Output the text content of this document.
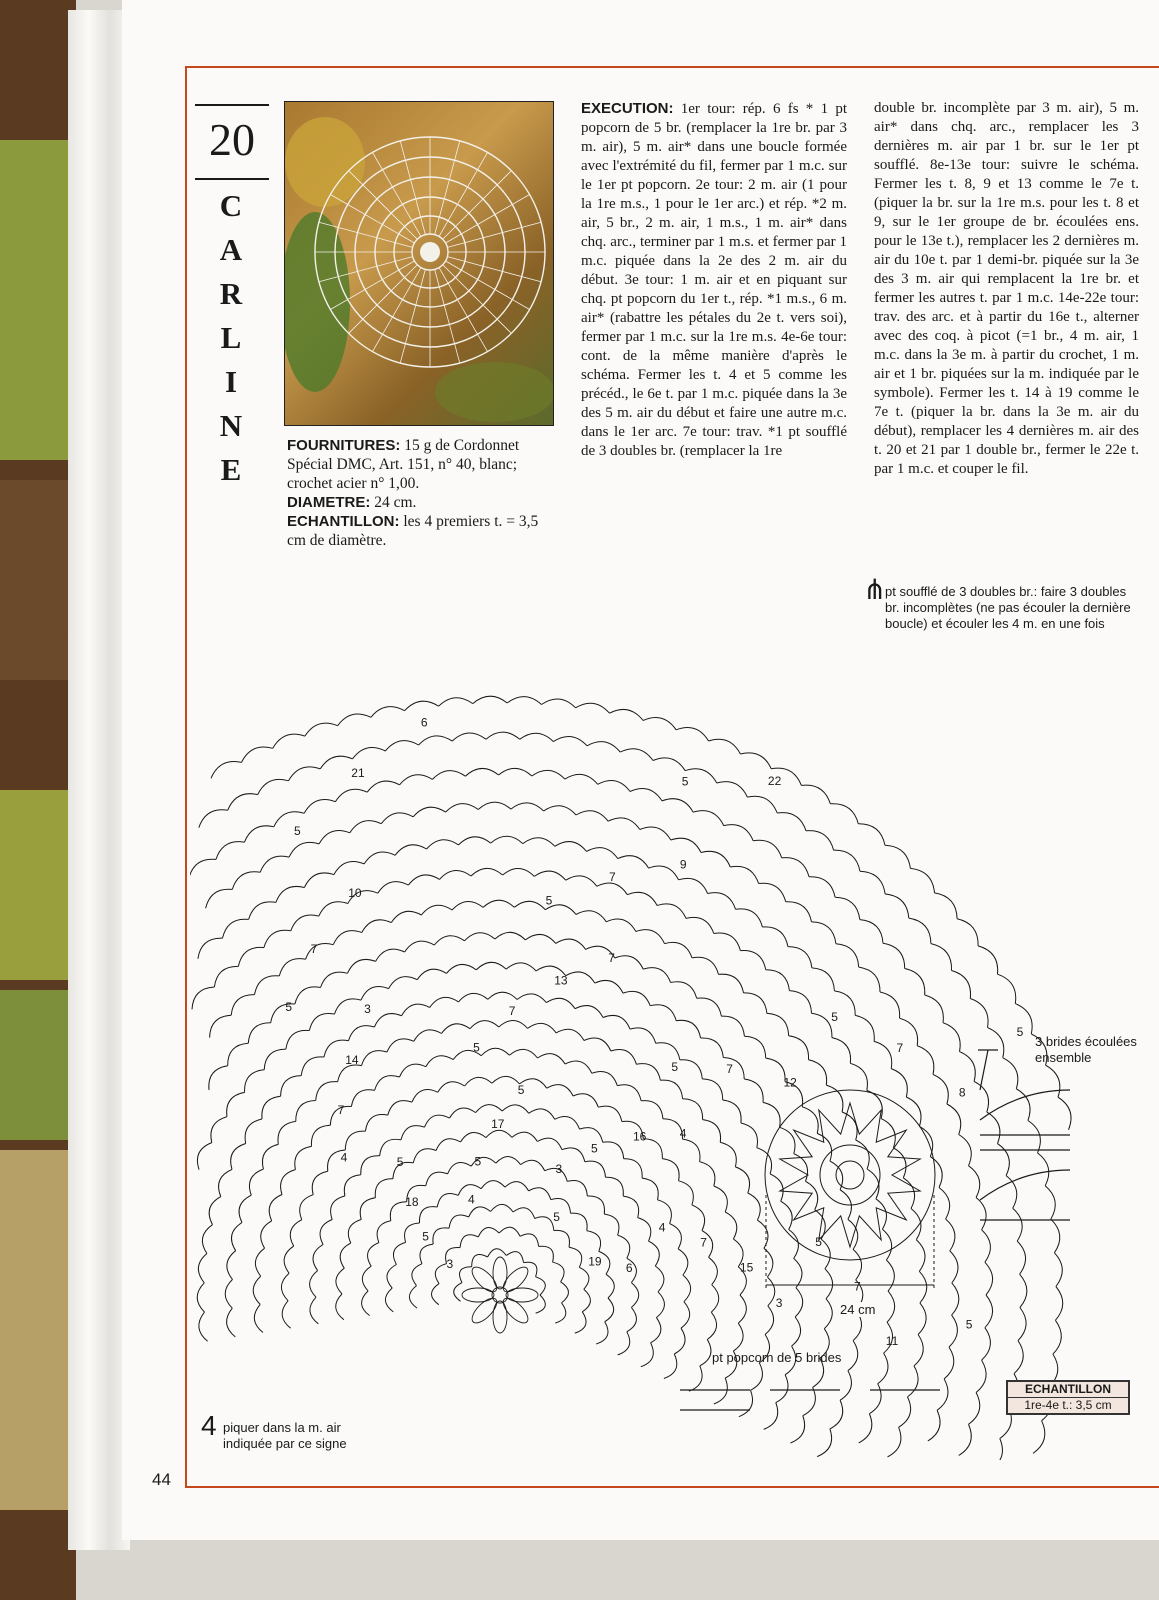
20
C
A
R
L
I
N
E

FOURNITURES: 15 g de Cordonnet Spécial DMC, Art. 151, n° 40, blanc; crochet acier n° 1,00.

DIAMETRE: 24 cm.

ECHANTILLON: les 4 premiers t. = 3,5 cm de diamètre.

EXECUTION: 1er tour: rép. 6 fs * 1 pt popcorn de 5 br. (remplacer la 1re br. par 3 m. air), 5 m. air* dans une boucle formée avec l'extrémité du fil, fermer par 1 m.c. sur le 1er pt popcorn. 2e tour: 2 m. air (1 pour la 1re m.s., 1 pour le 1er arc.) et rép. *2 m. air, 5 br., 2 m. air, 1 m.s., 1 m. air* dans chq. arc., terminer par 1 m.s. et fermer par 1 m.c. piquée dans la 2e des 2 m. air du début. 3e tour: 1 m. air et en piquant sur chq. pt popcorn du 1er t., rép. *1 m.s., 6 m. air* (rabattre les pétales du 2e t. vers soi), fermer par 1 m.c. sur la 1re m.s. 4e-6e tour: cont. de la même manière d'après le schéma. Fermer les t. 4 et 5 comme les précéd., le 6e t. par 1 m.c. piquée dans la 3e des 5 m. air du début et faire une autre m.c. dans le 1er arc. 7e tour: trav. *1 pt soufflé de 3 doubles br. (remplacer la 1re
double br. incomplète par 3 m. air), 5 m. air* dans chq. arc., remplacer les 3 dernières m. air par 1 br. sur le 1er pt soufflé. 8e-13e tour: suivre le schéma. Fermer les t. 8, 9 et 13 comme le 7e t. (piquer la br. sur la 1re m.s. pour les t. 8 et 9, sur le 1er groupe de br. écoulées ens. pour le 13e t.), remplacer les 2 dernières m. air du 10e t. par 1 demi-br. piquée sur la 3e des 3 m. air qui remplacent la 1re br. et fermer les autres t. par 1 m.c. 14e-22e tour: trav. des arc. et à partir du 16e t., alterner avec des coq. à picot (=1 br., 4 m. air, 1 m.c. dans la 3e m. à partir du crochet, 1 m. air et 1 br. piquées sur la m. indiquée par le symbole). Fermer les t. 14 à 19 comme le 7e t. (piquer la br. dans la 3e m. air du début), remplacer les 4 dernières m. air des t. 20 et 21 par 1 double br., fermer le 22e t. par 1 m.c. et couper le fil.
3
4
3
4
4
5
5
5
5
5
5
5
5
5
5
5
5
5
7
7
7
7
7
7
7
7
21
22
19
18
17
16
15
14
13
12
11
10
9
8
6
5
6
5
5
4
3
3
7
⋔
pt soufflé de 3 doubles br.: faire 3 doubles br. incomplètes (ne pas écouler la dernière boucle) et écouler les 4 m. en une fois
3 brides écoulées ensemble
pt popcorn de 5 brides
4 piquer dans la m. air indiquée par ce signe
24 cm
ECHANTILLON
1re-4e t.: 3,5 cm
44
